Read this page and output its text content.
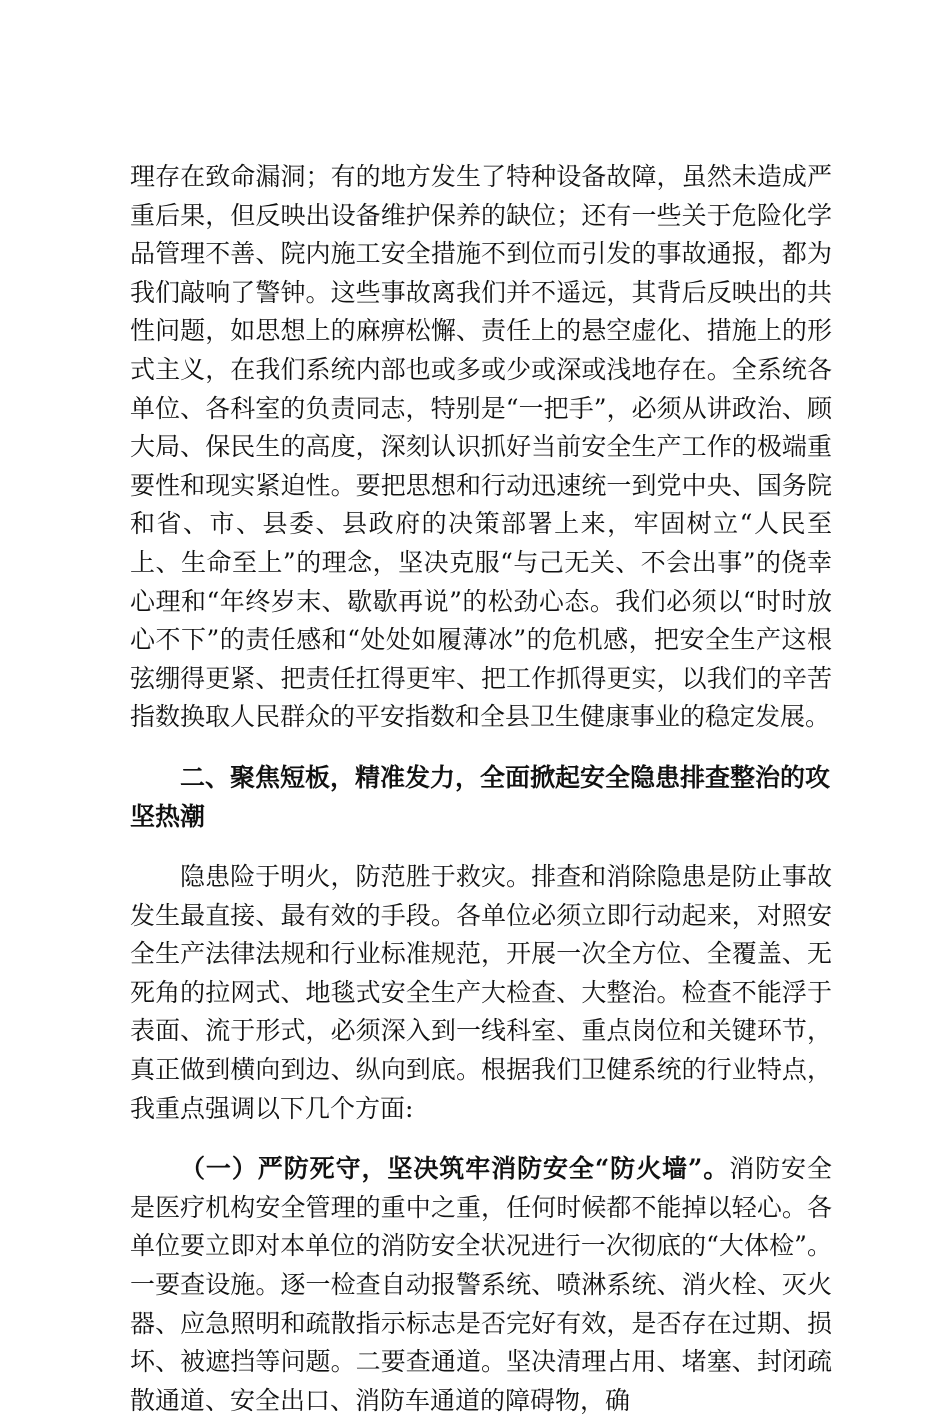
理存在致命漏洞；有的地方发生了特种设备故障，虽然未造成严重后果，但反映出设备维护保养的缺位；还有一些关于危险化学品管理不善、院内施工安全措施不到位而引发的事故通报，都为我们敲响了警钟。这些事故离我们并不遥远，其背后反映出的共性问题，如思想上的麻痹松懈、责任上的悬空虚化、措施上的形式主义，在我们系统内部也或多或少或深或浅地存在。全系统各单位、各科室的负责同志，特别是“一把手”，必须从讲政治、顾大局、保民生的高度，深刻认识抓好当前安全生产工作的极端重要性和现实紧迫性。要把思想和行动迅速统一到党中央、国务院和省、市、县委、县政府的决策部署上来，牢固树立“人民至上、生命至上”的理念，坚决克服“与己无关、不会出事”的侥幸心理和“年终岁末、歇歇再说”的松劲心态。我们必须以“时时放心不下”的责任感和“处处如履薄冰”的危机感，把安全生产这根弦绷得更紧、把责任扛得更牢、把工作抓得更实，以我们的辛苦指数换取人民群众的平安指数和全县卫生健康事业的稳定发展。

二、聚焦短板，精准发力，全面掀起安全隐患排查整治的攻坚热潮

隐患险于明火，防范胜于救灾。排查和消除隐患是防止事故发生最直接、最有效的手段。各单位必须立即行动起来，对照安全生产法律法规和行业标准规范，开展一次全方位、全覆盖、无死角的拉网式、地毯式安全生产大检查、大整治。检查不能浮于表面、流于形式，必须深入到一线科室、重点岗位和关键环节，真正做到横向到边、纵向到底。根据我们卫健系统的行业特点，我重点强调以下几个方面:

（一）严防死守，坚决筑牢消防安全“防火墙”。消防安全是医疗机构安全管理的重中之重，任何时候都不能掉以轻心。各单位要立即对本单位的消防安全状况进行一次彻底的“大体检”。一要查设施。逐一检查自动报警系统、喷淋系统、消火栓、灭火器、应急照明和疏散指示标志是否完好有效，是否存在过期、损坏、被遮挡等问题。二要查通道。坚决清理占用、堵塞、封闭疏散通道、安全出口、消防车通道的障碍物，确
